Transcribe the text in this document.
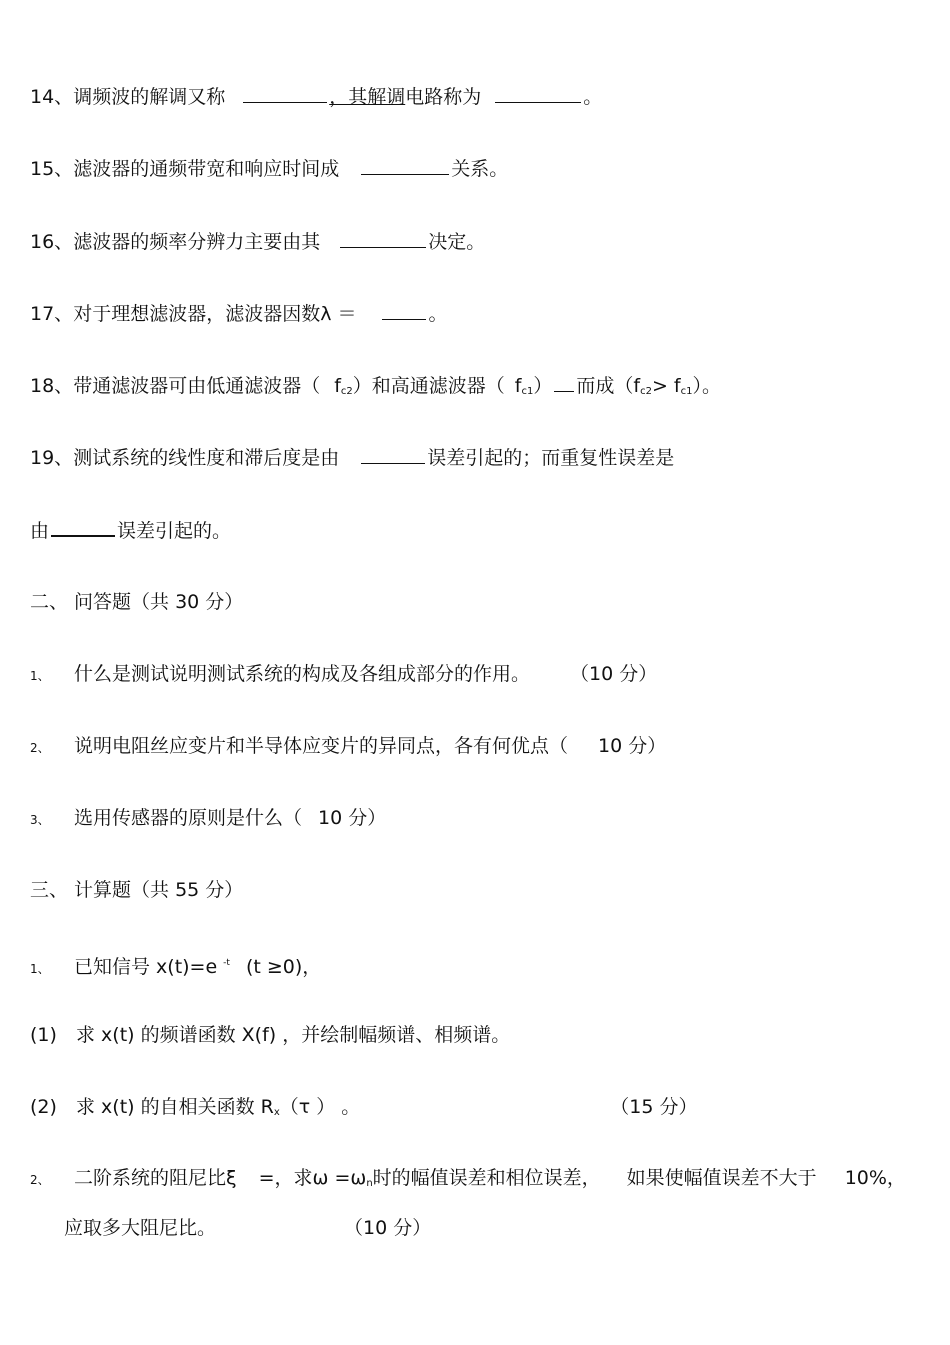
14、调频波的解调又称	，其解调电路称为	。
15、滤波器的通频带宽和响应时间成	关系。
16、滤波器的频率分辨力主要由其	决定。
17、对于理想滤波器，滤波器因数λ ＝	。
18、带通滤波器可由低通滤波器（ $f_{c2}$）和高通滤波器（ $f_{c1}$） 而成$(f_{c2}> f_{c1})$。
19、测试系统的线性度和滞后度是由	误差引起的；而重复性误差是
由	误差引起的。
二、 问答题（共 30 分）
1、 什么是测试说明测试系统的构成及各组成部分的作用。 （10 分）
2、 说明电阻丝应变片和半导体应变片的异同点，各有何优点（ 10 分）
3、 选用传感器的原则是什么（ 10 分）
三、 计算题（共 55 分）
1、 已知信号 x(t)=e $^{-t}$ (t ≥0)，
(1) 求 x(t) 的频谱函数 X(f) ，并绘制幅频谱、相频谱。
(2) 求 x(t) 的自相关函数 $R_x(\tau$ ） 。	（15 分）
2、 二阶系统的阻尼比ξ =，求$\omega =\omega_n$时的幅值误差和相位误差， 如果使幅值误差不大于 10%，
应取多大阻尼比。	（10 分）
